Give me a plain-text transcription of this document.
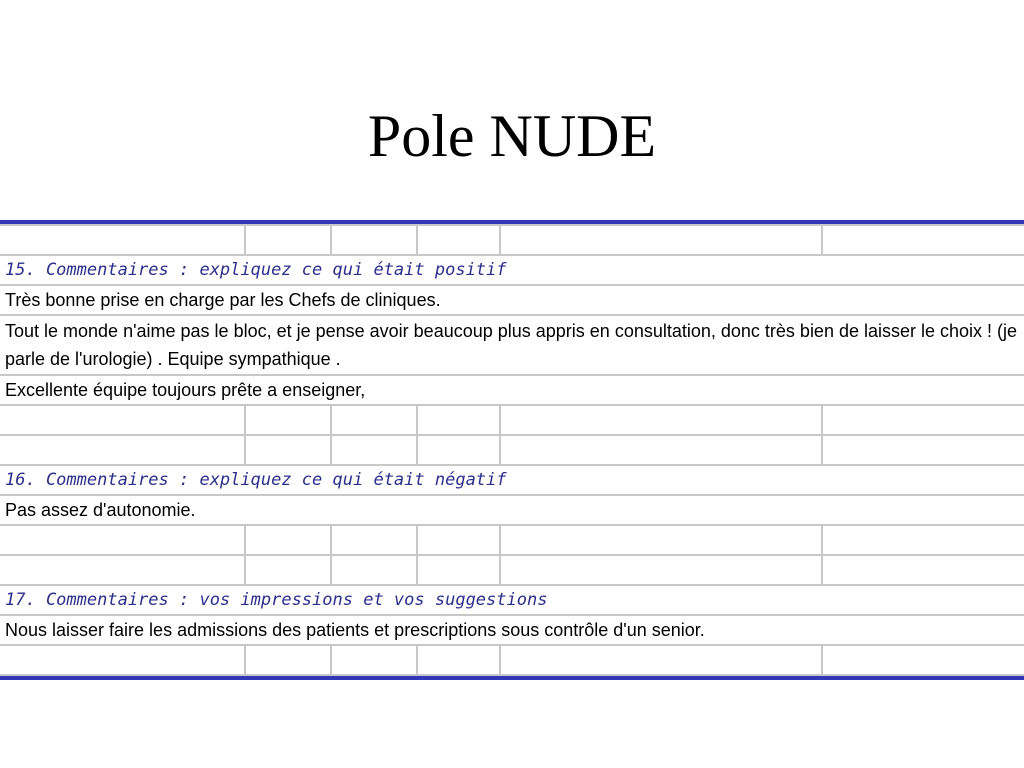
Pole NUDE

15. Commentaires : expliquez ce qui était positif					
Très bonne prise en charge par les Chefs de cliniques.					
Tout le monde n'aime pas le bloc, et je pense avoir beaucoup plus appris en consultation, donc très bien de laisser le choix ! (je parle de l'urologie) . Equipe sympathique .					
Excellente équipe toujours prête a enseigner,					

16. Commentaires : expliquez ce qui était négatif					
Pas assez d'autonomie.					

17. Commentaires : vos impressions et vos suggestions					
Nous laisser faire les admissions des patients et prescriptions sous contrôle d'un senior.					
